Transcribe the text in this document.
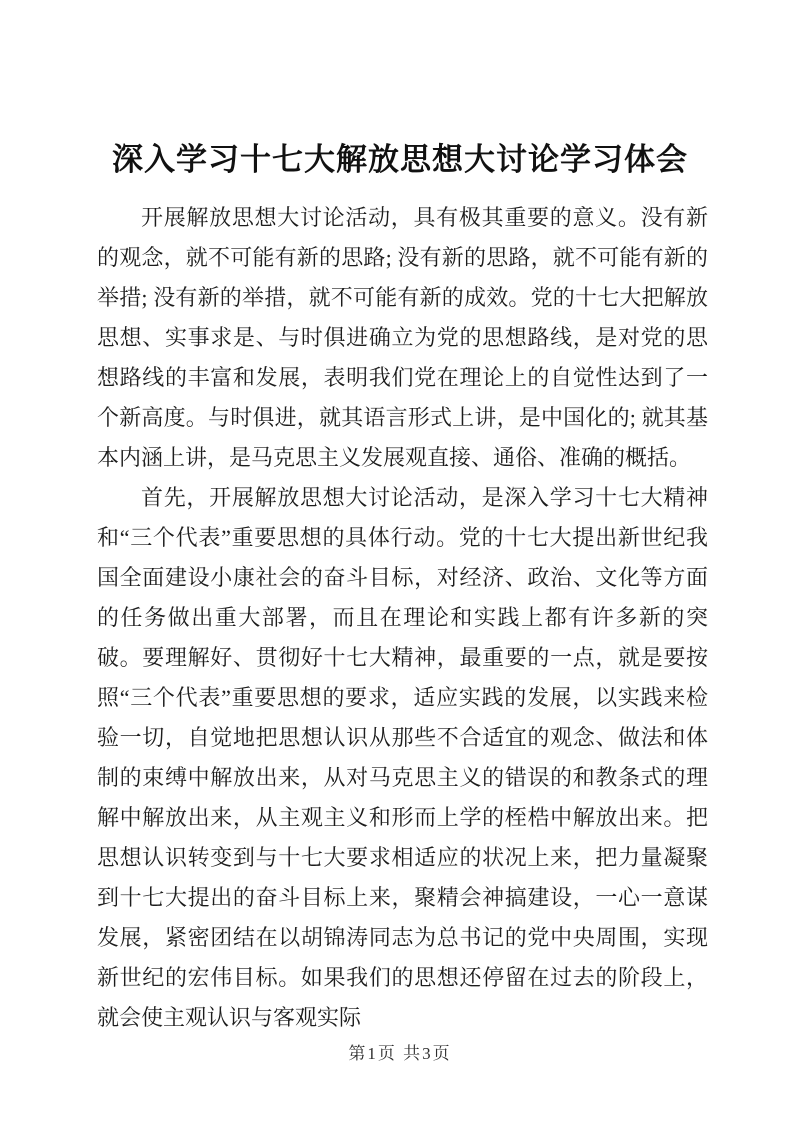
深入学习十七大解放思想大讨论学习体会

开展解放思想大讨论活动，具有极其重要的意义。没有新的观念，就不可能有新的思路; 没有新的思路，就不可能有新的举措; 没有新的举措，就不可能有新的成效。党的十七大把解放思想、实事求是、与时俱进确立为党的思想路线，是对党的思想路线的丰富和发展，表明我们党在理论上的自觉性达到了一个新高度。与时俱进，就其语言形式上讲，是中国化的; 就其基本内涵上讲，是马克思主义发展观直接、通俗、准确的概括。

首先，开展解放思想大讨论活动，是深入学习十七大精神和“三个代表”重要思想的具体行动。党的十七大提出新世纪我国全面建设小康社会的奋斗目标，对经济、政治、文化等方面的任务做出重大部署，而且在理论和实践上都有许多新的突破。要理解好、贯彻好十七大精神，最重要的一点，就是要按照“三个代表”重要思想的要求，适应实践的发展，以实践来检验一切，自觉地把思想认识从那些不合适宜的观念、做法和体制的束缚中解放出来，从对马克思主义的错误的和教条式的理解中解放出来，从主观主义和形而上学的桎梏中解放出来。把思想认识转变到与十七大要求相适应的状况上来，把力量凝聚到十七大提出的奋斗目标上来，聚精会神搞建设，一心一意谋发展，紧密团结在以胡锦涛同志为总书记的党中央周围，实现新世纪的宏伟目标。如果我们的思想还停留在过去的阶段上，就会使主观认识与客观实际

第1页 共3页
